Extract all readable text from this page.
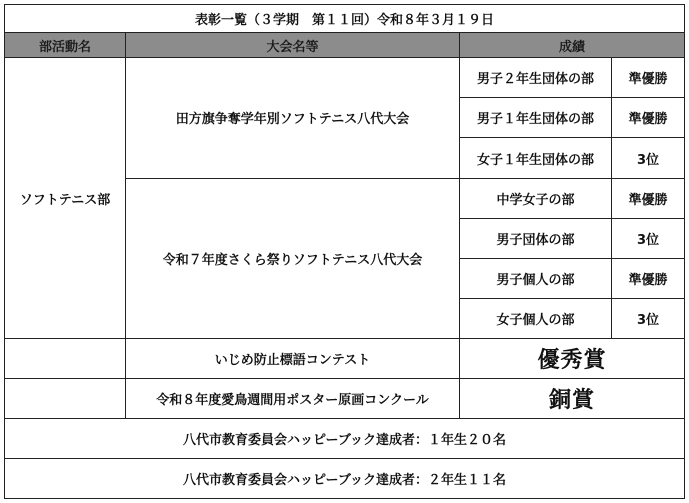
表彰一覧（３学期　第１１回）令和８年３月１９日			
部活動名	大会名等	成績	
ソフトテニス部	田方旗争奪学年別ソフトテニス八代大会	男子２年生団体の部	準優勝
		男子１年生団体の部	準優勝
		女子１年生団体の部	3位
	令和７年度さくら祭りソフトテニス八代大会	中学女子の部	準優勝
		男子団体の部	3位
		男子個人の部	準優勝
		女子個人の部	3位
	いじめ防止標語コンテスト	優秀賞	
	令和８年度愛鳥週間用ポスター原画コンクール	銅賞	
八代市教育委員会ハッピーブック達成者：１年生２０名			
八代市教育委員会ハッピーブック達成者：２年生１１名			
